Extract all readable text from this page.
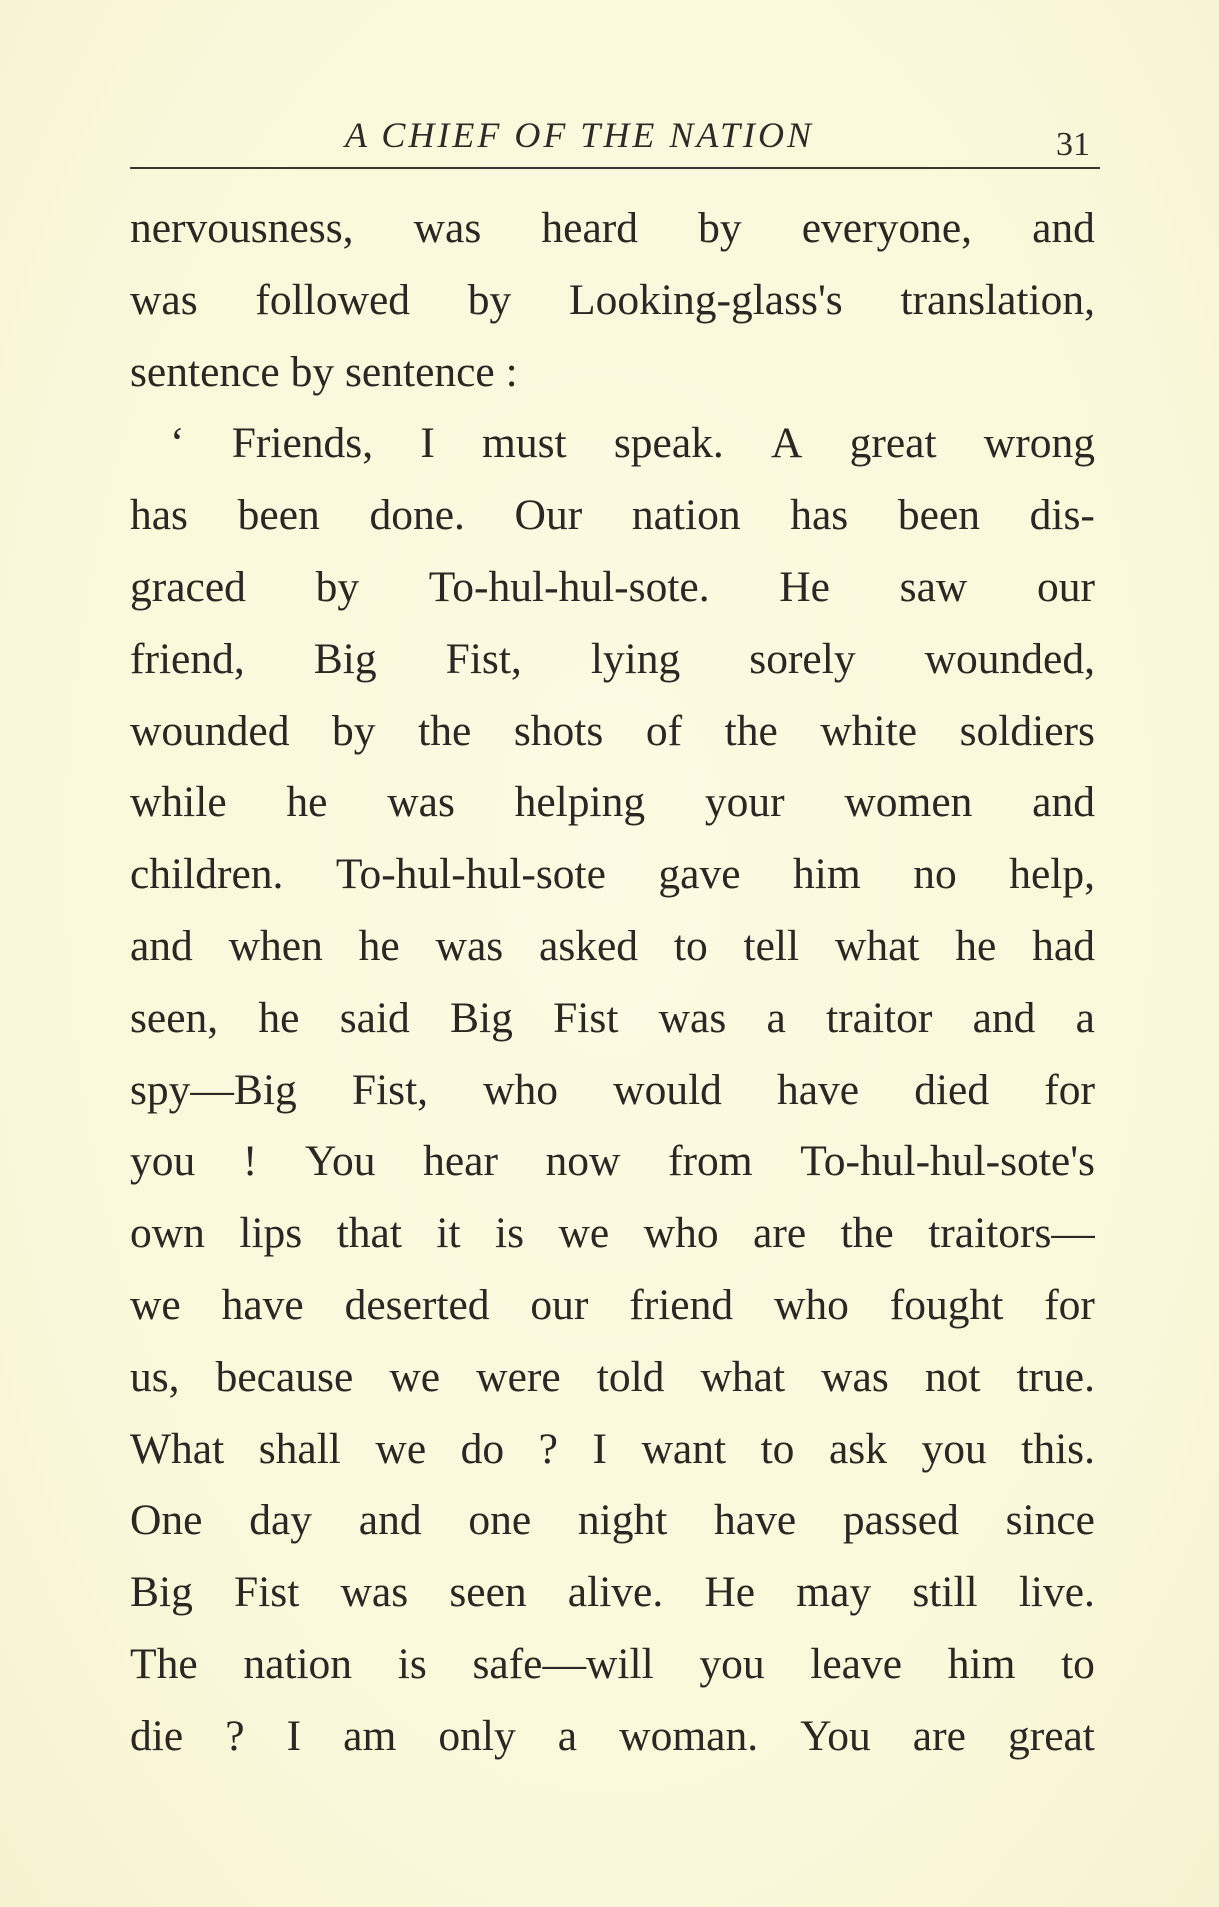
A CHIEF OF THE NATION	31
nervousness, was heard by everyone, and
was followed by Looking-glass's translation,
sentence by sentence :
‘ Friends, I must speak. A great wrong
has been done. Our nation has been dis-
graced by To-hul-hul-sote. He saw our
friend, Big Fist, lying sorely wounded,
wounded by the shots of the white soldiers
while he was helping your women and
children. To-hul-hul-sote gave him no help,
and when he was asked to tell what he had
seen, he said Big Fist was a traitor and a
spy—Big Fist, who would have died for
you ! You hear now from To-hul-hul-sote's
own lips that it is we who are the traitors—
we have deserted our friend who fought for
us, because we were told what was not true.
What shall we do ? I want to ask you this.
One day and one night have passed since
Big Fist was seen alive. He may still live.
The nation is safe—will you leave him to
die ? I am only a woman. You are great
